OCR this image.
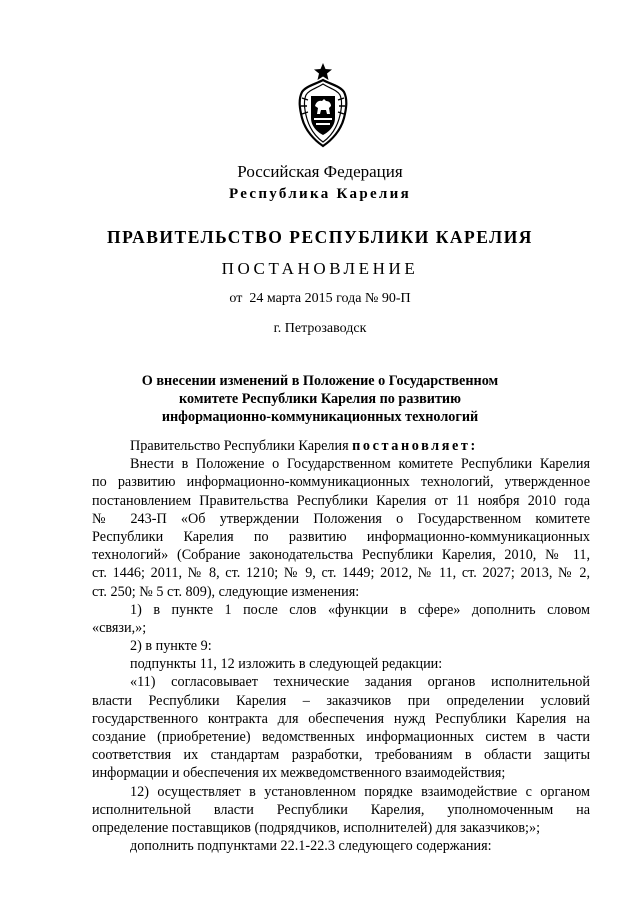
Российская Федерация
Республика Карелия
ПРАВИТЕЛЬСТВО РЕСПУБЛИКИ КАРЕЛИЯ
ПОСТАНОВЛЕНИЕ
от  24 марта 2015 года № 90-П
г. Петрозаводск
О внесении изменений в Положение о Государственном
комитете Республики Карелия по развитию
информационно-коммуникационных технологий
Правительство Республики Карелия постановляет:
Внести в Положение о Государственном комитете Республики Карелия
по развитию информационно-коммуникационных технологий, утвержденное
постановлением Правительства Республики Карелия от 11 ноября 2010 года
№ 243-П «Об утверждении Положения о Государственном комитете
Республики Карелия по развитию информационно-коммуникационных
технологий» (Собрание законодательства Республики Карелия, 2010, № 11,
ст. 1446; 2011, № 8, ст. 1210; № 9, ст. 1449; 2012, № 11, ст. 2027; 2013, № 2,
ст. 250; № 5 ст. 809), следующие изменения:
1) в пункте 1 после слов «функции в сфере» дополнить словом
«связи,»;
2) в пункте 9:
подпункты 11, 12 изложить в следующей редакции:
«11) согласовывает технические задания органов исполнительной
власти Республики Карелия – заказчиков при определении условий
государственного контракта для обеспечения нужд Республики Карелия на
создание (приобретение) ведомственных информационных систем в части
соответствия их стандартам разработки, требованиям в области защиты
информации и обеспечения их межведомственного взаимодействия;
12) осуществляет в установленном порядке взаимодействие с органом
исполнительной власти Республики Карелия, уполномоченным на
определение поставщиков (подрядчиков, исполнителей) для заказчиков;»;
дополнить подпунктами 22.1-22.3 следующего содержания:
